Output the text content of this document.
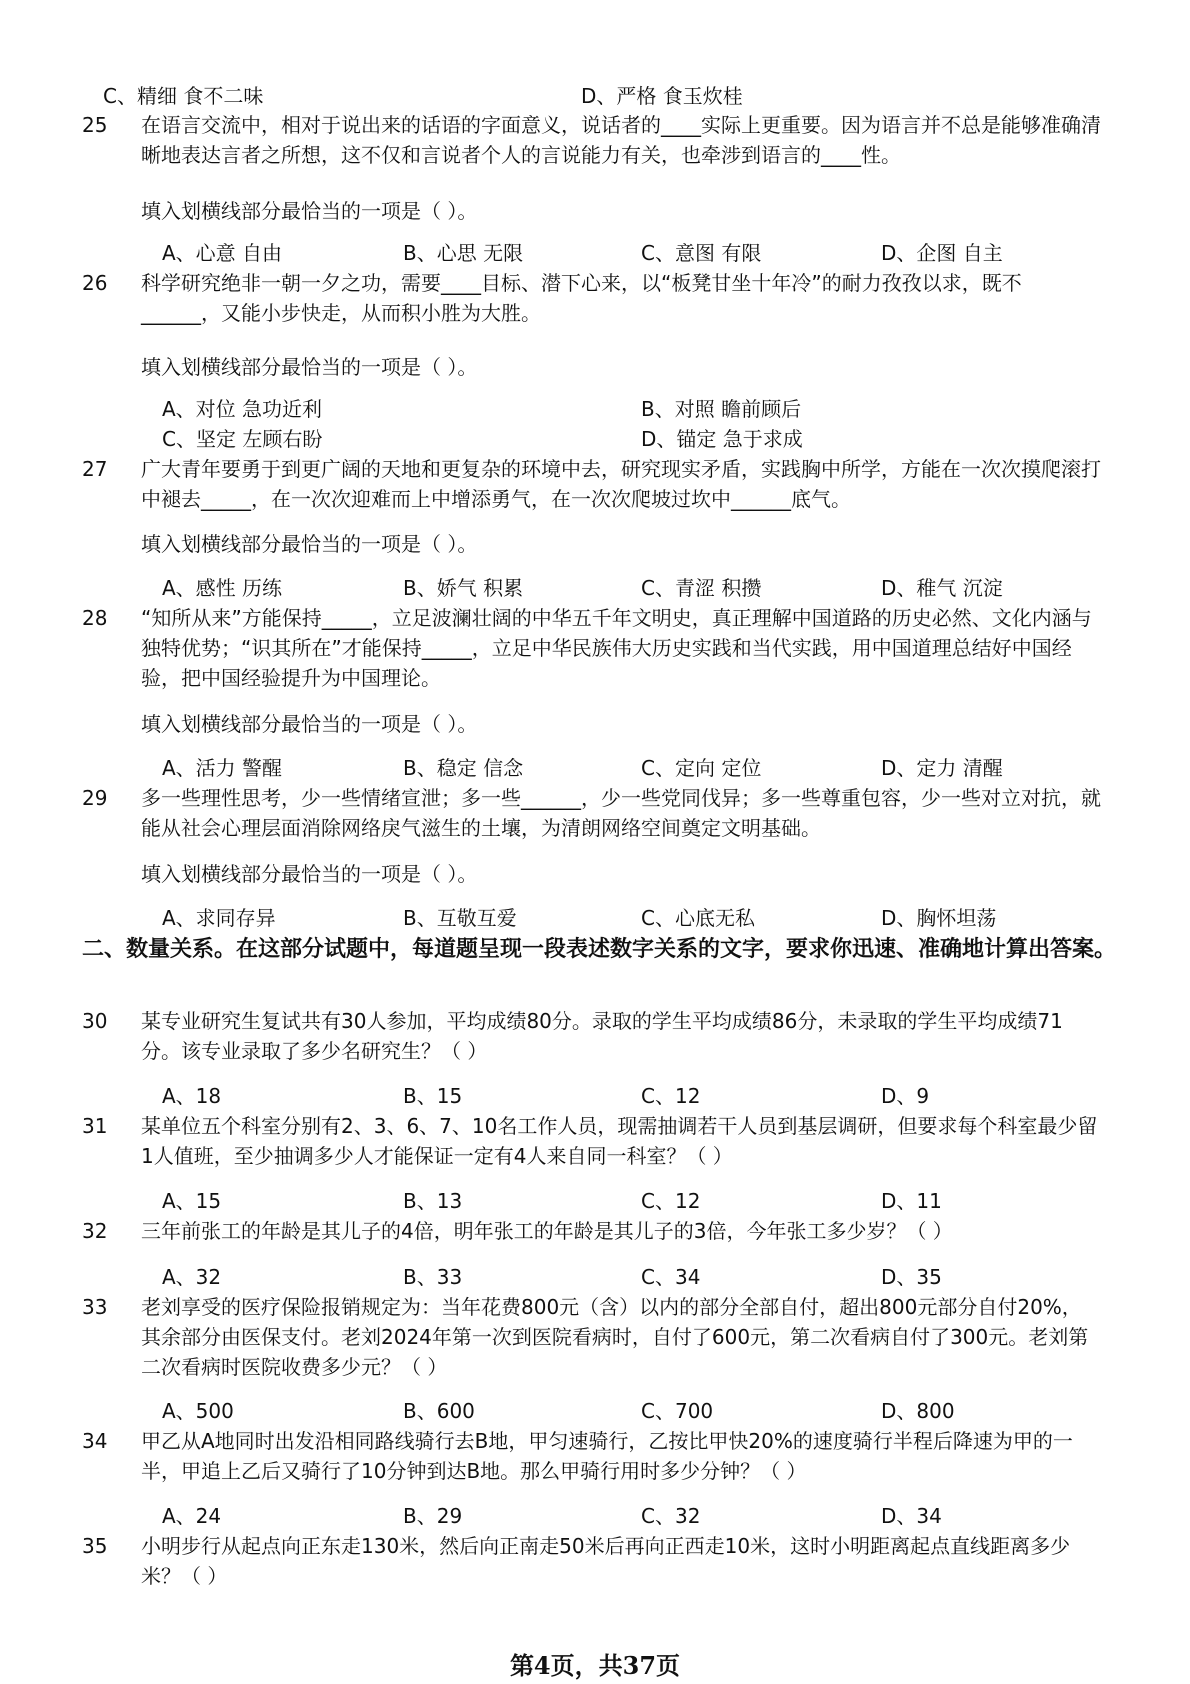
C、精细 食不二味	D、严格 食玉炊桂
25	在语言交流中，相对于说出来的话语的字面意义，说话者的____实际上更重要。因为语言并不总是能够准确清晰地表达言者之所想，这不仅和言说者个人的言说能力有关，也牵涉到语言的____性。
填入划横线部分最恰当的一项是（ ）。
A、心意 自由	B、心思 无限	C、意图 有限	D、企图 自主
26	科学研究绝非一朝一夕之功，需要____目标、潜下心来，以“板凳甘坐十年冷”的耐力孜孜以求，既不______，又能小步快走，从而积小胜为大胜。
填入划横线部分最恰当的一项是（ ）。
A、对位 急功近利	B、对照 瞻前顾后
C、坚定 左顾右盼	D、锚定 急于求成
27	广大青年要勇于到更广阔的天地和更复杂的环境中去，研究现实矛盾，实践胸中所学，方能在一次次摸爬滚打中褪去_____，在一次次迎难而上中增添勇气，在一次次爬坡过坎中______底气。
填入划横线部分最恰当的一项是（ ）。
A、感性 历练	B、娇气 积累	C、青涩 积攒	D、稚气 沉淀
28	“知所从来”方能保持_____，立足波澜壮阔的中华五千年文明史，真正理解中国道路的历史必然、文化内涵与独特优势；“识其所在”才能保持_____，立足中华民族伟大历史实践和当代实践，用中国道理总结好中国经验，把中国经验提升为中国理论。
填入划横线部分最恰当的一项是（ ）。
A、活力 警醒	B、稳定 信念	C、定向 定位	D、定力 清醒
29	多一些理性思考，少一些情绪宣泄；多一些______，少一些党同伐异；多一些尊重包容，少一些对立对抗，就能从社会心理层面消除网络戾气滋生的土壤，为清朗网络空间奠定文明基础。
填入划横线部分最恰当的一项是（ ）。
A、求同存异	B、互敬互爱	C、心底无私	D、胸怀坦荡
二、数量关系。在这部分试题中，每道题呈现一段表述数字关系的文字，要求你迅速、准确地计算出答案。
30	某专业研究生复试共有30人参加，平均成绩80分。录取的学生平均成绩86分，未录取的学生平均成绩71分。该专业录取了多少名研究生？（ ）
A、18	B、15	C、12	D、9
31	某单位五个科室分别有2、3、6、7、10名工作人员，现需抽调若干人员到基层调研，但要求每个科室最少留1人值班，至少抽调多少人才能保证一定有4人来自同一科室？（ ）
A、15	B、13	C、12	D、11
32	三年前张工的年龄是其儿子的4倍，明年张工的年龄是其儿子的3倍，今年张工多少岁？（ ）
A、32	B、33	C、34	D、35
33	老刘享受的医疗保险报销规定为：当年花费800元（含）以内的部分全部自付，超出800元部分自付20%，其余部分由医保支付。老刘2024年第一次到医院看病时，自付了600元，第二次看病自付了300元。老刘第二次看病时医院收费多少元？（ ）
A、500	B、600	C、700	D、800
34	甲乙从A地同时出发沿相同路线骑行去B地，甲匀速骑行，乙按比甲快20%的速度骑行半程后降速为甲的一半，甲追上乙后又骑行了10分钟到达B地。那么甲骑行用时多少分钟？（ ）
A、24	B、29	C、32	D、34
35	小明步行从起点向正东走130米，然后向正南走50米后再向正西走10米，这时小明距离起点直线距离多少米？（ ）
第4页，共37页
